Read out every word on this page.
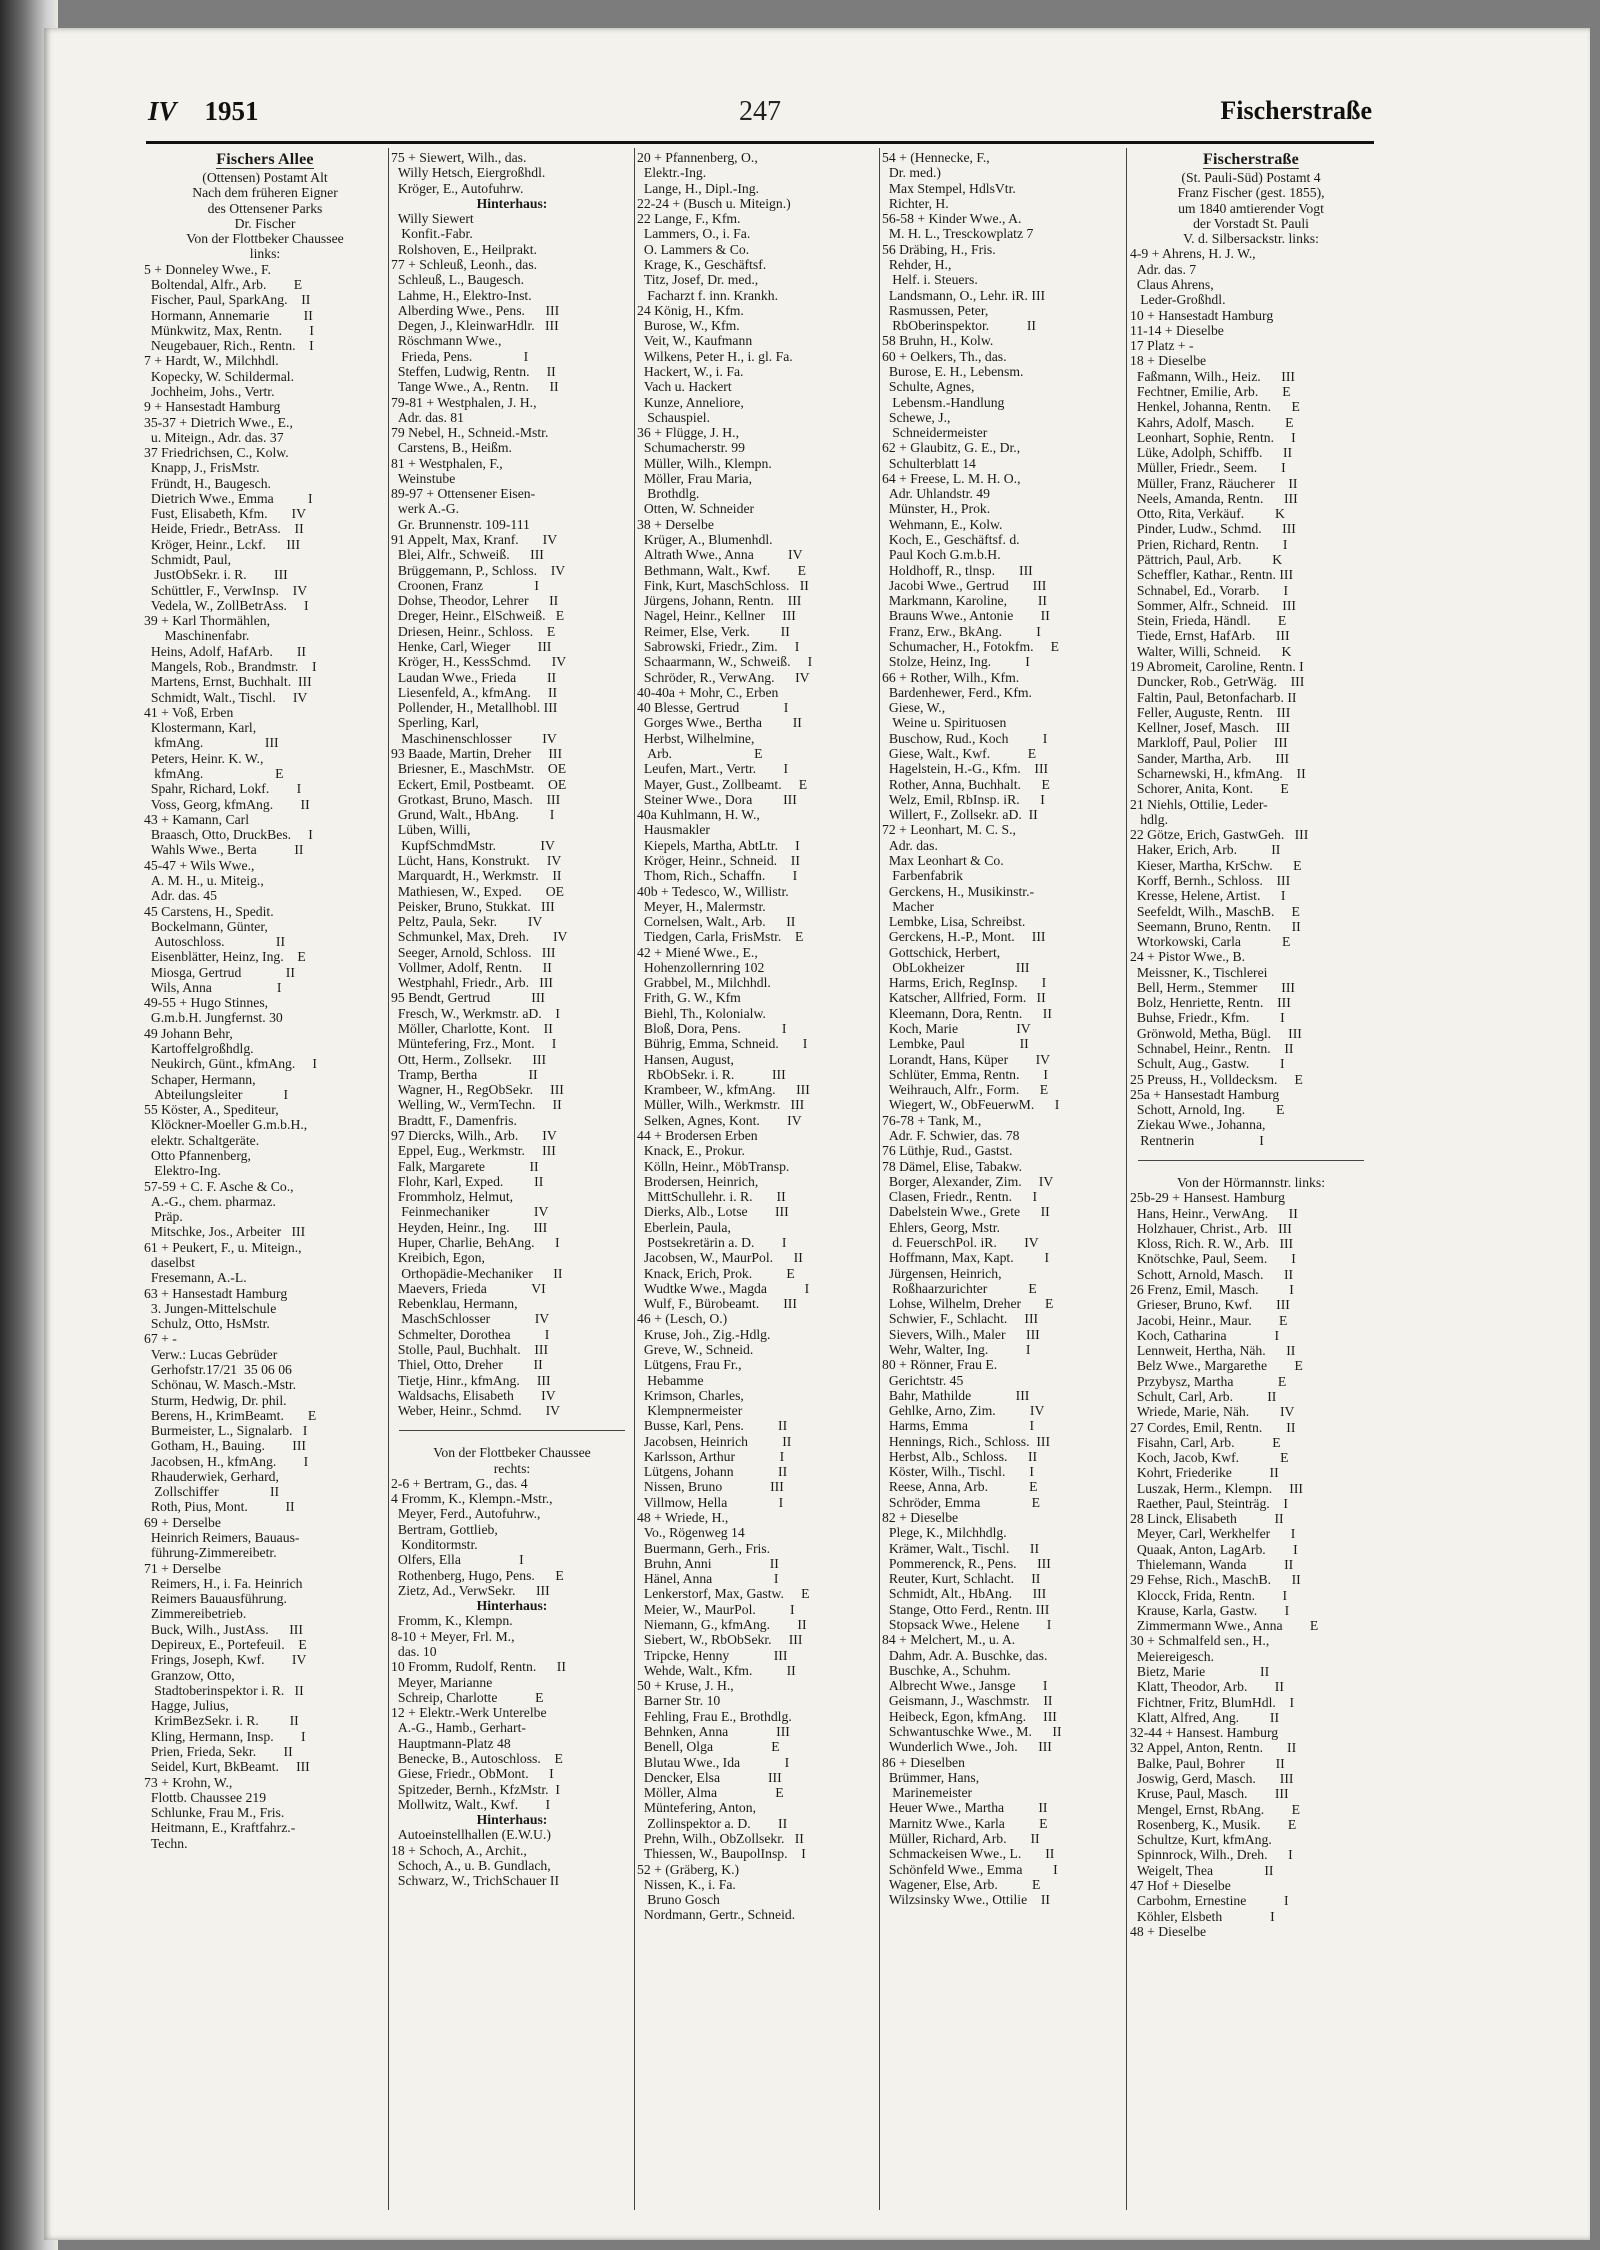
IV 1951	247	Fischerstraße
Fischers Allee
(Ottensen) Postamt Alt
Nach dem früheren Eigner
des Ottensener Parks
Dr. Fischer
Von der Flottbeker Chaussee
links:
5 + Donneley Wwe., F.
Boltendal, Alfr., Arb.        E
Fischer, Paul, SparkAng.    II
Hormann, Annemarie          II
Münkwitz, Max, Rentn.        I
Neugebauer, Rich., Rentn.    I
7 + Hardt, W., Milchhdl.
Kopecky, W. Schildermal.
Jochheim, Johs., Vertr.
9 + Hansestadt Hamburg
35-37 + Dietrich Wwe., E.,
u. Miteign., Adr. das. 37
37 Friedrichsen, C., Kolw.
Knapp, J., FrisMstr.
Fründt, H., Baugesch.
Dietrich Wwe., Emma          I
Fust, Elisabeth, Kfm.       IV
Heide, Friedr., BetrAss.    II
Kröger, Heinr., Lckf.      III
Schmidt, Paul,
JustObSekr. i. R.        III
Schüttler, F., VerwInsp.    IV
Vedela, W., ZollBetrAss.     I
39 + Karl Thormählen,
Maschinenfabr.
Heins, Adolf, HafArb.       II
Mangels, Rob., Brandmstr.    I
Martens, Ernst, Buchhalt.  III
Schmidt, Walt., Tischl.     IV
41 + Voß, Erben
Klostermann, Karl,
kfmAng.                  III
Peters, Heinr. K. W.,
kfmAng.                     E
Spahr, Richard, Lokf.        I
Voss, Georg, kfmAng.        II
43 + Kamann, Carl
Braasch, Otto, DruckBes.     I
Wahls Wwe., Berta           II
45-47 + Wils Wwe.,
A. M. H., u. Miteig.,
Adr. das. 45
45 Carstens, H., Spedit.
Bockelmann, Günter,
Autoschloss.               II
Eisenblätter, Heinz, Ing.    E
Miosga, Gertrud             II
Wils, Anna                   I
49-55 + Hugo Stinnes,
G.m.b.H. Jungfernst. 30
49 Johann Behr,
Kartoffelgroßhdlg.
Neukirch, Günt., kfmAng.     I
Schaper, Hermann,
Abteilungsleiter            I
55 Köster, A., Spediteur,
Klöckner-Moeller G.m.b.H.,
elektr. Schaltgeräte.
Otto Pfannenberg,
Elektro-Ing.
57-59 + C. F. Asche & Co.,
A.-G., chem. pharmaz.
Präp.
Mitschke, Jos., Arbeiter   III
61 + Peukert, F., u. Miteign.,
daselbst
Fresemann, A.-L.
63 + Hansestadt Hamburg
3. Jungen-Mittelschule
Schulz, Otto, HsMstr.
67 + -
Verw.: Lucas Gebrüder
Gerhofstr.17/21  35 06 06
Schönau, W. Masch.-Mstr.
Sturm, Hedwig, Dr. phil.
Berens, H., KrimBeamt.       E
Burmeister, L., Signalarb.   I
Gotham, H., Bauing.        III
Jacobsen, H., kfmAng.        I
Rhauderwiek, Gerhard,
Zollschiffer               II
Roth, Pius, Mont.           II
69 + Derselbe
Heinrich Reimers, Bauaus-
führung-Zimmereibetr.
71 + Derselbe
Reimers, H., i. Fa. Heinrich
Reimers Bauausführung.
Zimmereibetrieb.
Buck, Wilh., JustAss.      III
Depireux, E., Portefeuil.    E
Frings, Joseph, Kwf.        IV
Granzow, Otto,
Stadtoberinspektor i. R.   II
Hagge, Julius,
KrimBezSekr. i. R.         II
Kling, Hermann, Insp.        I
Prien, Frieda, Sekr.        II
Seidel, Kurt, BkBeamt.     III
73 + Krohn, W.,
Flottb. Chaussee 219
Schlunke, Frau M., Fris.
Heitmann, E., Kraftfahrz.-
Techn.
75 + Siewert, Wilh., das.
Willy Hetsch, Eiergroßhdl.
Kröger, E., Autofuhrw.
Hinterhaus:
Willy Siewert
Konfit.-Fabr.
Rolshoven, E., Heilprakt.
77 + Schleuß, Leonh., das.
Schleuß, L., Baugesch.
Lahme, H., Elektro-Inst.
Alberding Wwe., Pens.      III
Degen, J., KleinwarHdlr.   III
Röschmann Wwe.,
Frieda, Pens.               I
Steffen, Ludwig, Rentn.     II
Tange Wwe., A., Rentn.      II
79-81 + Westphalen, J. H.,
Adr. das. 81
79 Nebel, H., Schneid.-Mstr.
Carstens, B., Heißm.
81 + Westphalen, F.,
Weinstube
89-97 + Ottensener Eisen-
werk A.-G.
Gr. Brunnenstr. 109-111
91 Appelt, Max, Kranf.       IV
Blei, Alfr., Schweiß.      III
Brüggemann, P., Schloss.    IV
Croonen, Franz               I
Dohse, Theodor, Lehrer      II
Dreger, Heinr., ElSchweiß.   E
Driesen, Heinr., Schloss.    E
Henke, Carl, Wieger        III
Kröger, H., KessSchmd.      IV
Laudan Wwe., Frieda         II
Liesenfeld, A., kfmAng.     II
Pollender, H., Metallhobl. III
Sperling, Karl,
Maschinenschlosser         IV
93 Baade, Martin, Dreher     III
Briesner, E., MaschMstr.    OE
Eckert, Emil, Postbeamt.    OE
Grotkast, Bruno, Masch.    III
Grund, Walt., HbAng.         I
Lüben, Willi,
KupfSchmdMstr.             IV
Lücht, Hans, Konstrukt.     IV
Marquardt, H., Werkmstr.    II
Mathiesen, W., Exped.       OE
Peisker, Bruno, Stukkat.   III
Peltz, Paula, Sekr.         IV
Schmunkel, Max, Dreh.       IV
Seeger, Arnold, Schloss.   III
Vollmer, Adolf, Rentn.      II
Westphahl, Friedr., Arb.   III
95 Bendt, Gertrud            III
Fresch, W., Werkmstr. aD.    I
Möller, Charlotte, Kont.    II
Müntefering, Frz., Mont.     I
Ott, Herm., Zollsekr.      III
Tramp, Bertha               II
Wagner, H., RegObSekr.     III
Welling, W., VermTechn.     II
Bradtt, F., Damenfris.
97 Diercks, Wilh., Arb.       IV
Eppel, Eug., Werkmstr.     III
Falk, Margarete             II
Flohr, Karl, Exped.         II
Frommholz, Helmut,
Feinmechaniker             IV
Heyden, Heinr., Ing.       III
Huper, Charlie, BehAng.      I
Kreibich, Egon,
Orthopädie-Mechaniker      II
Maevers, Frieda             VI
Rebenklau, Hermann,
MaschSchlosser             IV
Schmelter, Dorothea          I
Stolle, Paul, Buchhalt.    III
Thiel, Otto, Dreher         II
Tietje, Hinr., kfmAng.     III
Waldsachs, Elisabeth        IV
Weber, Heinr., Schmd.       IV
Von der Flottbeker Chaussee
rechts:
2-6 + Bertram, G., das. 4
4 Fromm, K., Klempn.-Mstr.,
Meyer, Ferd., Autofuhrw.,
Bertram, Gottlieb,
Konditormstr.
Olfers, Ella                 I
Rothenberg, Hugo, Pens.      E
Zietz, Ad., VerwSekr.      III
Hinterhaus:
Fromm, K., Klempn.
8-10 + Meyer, Frl. M.,
das. 10
10 Fromm, Rudolf, Rentn.      II
Meyer, Marianne
Schreip, Charlotte           E
12 + Elektr.-Werk Unterelbe
A.-G., Hamb., Gerhart-
Hauptmann-Platz 48
Benecke, B., Autoschloss.    E
Giese, Friedr., ObMont.      I
Spitzeder, Bernh., KfzMstr.  I
Mollwitz, Walt., Kwf.        I
Hinterhaus:
Autoeinstellhallen (E.W.U.)
18 + Schoch, A., Archit.,
Schoch, A., u. B. Gundlach,
Schwarz, W., TrichSchauer II
20 + Pfannenberg, O.,
Elektr.-Ing.
Lange, H., Dipl.-Ing.
22-24 + (Busch u. Miteign.)
22 Lange, F., Kfm.
Lammers, O., i. Fa.
O. Lammers & Co.
Krage, K., Geschäftsf.
Titz, Josef, Dr. med.,
Facharzt f. inn. Krankh.
24 König, H., Kfm.
Burose, W., Kfm.
Veit, W., Kaufmann
Wilkens, Peter H., i. gl. Fa.
Hackert, W., i. Fa.
Vach u. Hackert
Kunze, Anneliore,
Schauspiel.
36 + Flügge, J. H.,
Schumacherstr. 99
Müller, Wilh., Klempn.
Möller, Frau Maria,
Brothdlg.
Otten, W. Schneider
38 + Derselbe
Krüger, A., Blumenhdl.
Altrath Wwe., Anna          IV
Bethmann, Walt., Kwf.        E
Fink, Kurt, MaschSchloss.   II
Jürgens, Johann, Rentn.    III
Nagel, Heinr., Kellner     III
Reimer, Else, Verk.         II
Sabrowski, Friedr., Zim.     I
Schaarmann, W., Schweiß.     I
Schröder, R., VerwAng.      IV
40-40a + Mohr, C., Erben
40 Blesse, Gertrud             I
Gorges Wwe., Bertha         II
Herbst, Wilhelmine,
Arb.                        E
Leufen, Mart., Vertr.        I
Mayer, Gust., Zollbeamt.     E
Steiner Wwe., Dora         III
40a Kuhlmann, H. W.,
Hausmakler
Kiepels, Martha, AbtLtr.     I
Kröger, Heinr., Schneid.    II
Thom, Rich., Schaffn.        I
40b + Tedesco, W., Willistr.
Meyer, H., Malermstr.
Cornelsen, Walt., Arb.      II
Tiedgen, Carla, FrisMstr.    E
42 + Miené Wwe., E.,
Hohenzollernring 102
Grabbel, M., Milchhdl.
Frith, G. W., Kfm
Biehl, Th., Kolonialw.
Bloß, Dora, Pens.            I
Bührig, Emma, Schneid.       I
Hansen, August,
RbObSekr. i. R.           III
Krambeer, W., kfmAng.      III
Müller, Wilh., Werkmstr.   III
Selken, Agnes, Kont.        IV
44 + Brodersen Erben
Knack, E., Prokur.
Kölln, Heinr., MöbTransp.
Brodersen, Heinrich,
MittSchullehr. i. R.       II
Dierks, Alb., Lotse        III
Eberlein, Paula,
Postsekretärin a. D.        I
Jacobsen, W., MaurPol.      II
Knack, Erich, Prok.          E
Wudtke Wwe., Magda           I
Wulf, F., Bürobeamt.       III
46 + (Lesch, O.)
Kruse, Joh., Zig.-Hdlg.
Greve, W., Schneid.
Lütgens, Frau Fr.,
Hebamme
Krimson, Charles,
Klempnermeister
Busse, Karl, Pens.          II
Jacobsen, Heinrich          II
Karlsson, Arthur             I
Lütgens, Johann             II
Nissen, Bruno              III
Villmow, Hella               I
48 + Wriede, H.,
Vo., Rögenweg 14
Buermann, Gerh., Fris.
Bruhn, Anni                 II
Hänel, Anna                  I
Lenkerstorf, Max, Gastw.     E
Meier, W., MaurPol.          I
Niemann, G., kfmAng.        II
Siebert, W., RbObSekr.     III
Tripcke, Henny             III
Wehde, Walt., Kfm.          II
50 + Kruse, J. H.,
Barner Str. 10
Fehling, Frau E., Brothdlg.
Behnken, Anna              III
Benell, Olga                 E
Blutau Wwe., Ida             I
Dencker, Elsa              III
Möller, Alma                 E
Müntefering, Anton,
Zollinspektor a. D.        II
Prehn, Wilh., ObZollsekr.   II
Thiessen, W., BaupolInsp.    I
52 + (Gräberg, K.)
Nissen, K., i. Fa.
Bruno Gosch
Nordmann, Gertr., Schneid.
54 + (Hennecke, F.,
Dr. med.)
Max Stempel, HdlsVtr.
Richter, H.
56-58 + Kinder Wwe., A.
M. H. L., Tresckowplatz 7
56 Dräbing, H., Fris.
Rehder, H.,
Helf. i. Steuers.
Landsmann, O., Lehr. iR. III
Rasmussen, Peter,
RbOberinspektor.           II
58 Bruhn, H., Kolw.
60 + Oelkers, Th., das.
Burose, E. H., Lebensm.
Schulte, Agnes,
Lebensm.-Handlung
Schewe, J.,
Schneidermeister
62 + Glaubitz, G. E., Dr.,
Schulterblatt 14
64 + Freese, L. M. H. O.,
Adr. Uhlandstr. 49
Münster, H., Prok.
Wehmann, E., Kolw.
Koch, E., Geschäftsf. d.
Paul Koch G.m.b.H.
Holdhoff, R., tlnsp.       III
Jacobi Wwe., Gertrud       III
Markmann, Karoline,         II
Brauns Wwe., Antonie        II
Franz, Erw., BkAng.          I
Schumacher, H., Fotokfm.     E
Stolze, Heinz, Ing.          I
66 + Rother, Wilh., Kfm.
Bardenhewer, Ferd., Kfm.
Giese, W.,
Weine u. Spirituosen
Buschow, Rud., Koch          I
Giese, Walt., Kwf.           E
Hagelstein, H.-G., Kfm.    III
Rother, Anna, Buchhalt.      E
Welz, Emil, RbInsp. iR.      I
Willert, F., Zollsekr. aD.  II
72 + Leonhart, M. C. S.,
Adr. das.
Max Leonhart & Co.
Farbenfabrik
Gerckens, H., Musikinstr.-
Macher
Lembke, Lisa, Schreibst.
Gerckens, H.-P., Mont.     III
Gottschick, Herbert,
ObLokheizer               III
Harms, Erich, RegInsp.       I
Katscher, Allfried, Form.   II
Kleemann, Dora, Rentn.      II
Koch, Marie                 IV
Lembke, Paul                II
Lorandt, Hans, Küper        IV
Schlüter, Emma, Rentn.       I
Weihrauch, Alfr., Form.      E
Wiegert, W., ObFeuerwM.      I
76-78 + Tank, M.,
Adr. F. Schwier, das. 78
76 Lüthje, Rud., Gastst.
78 Dämel, Elise, Tabakw.
Borger, Alexander, Zim.     IV
Clasen, Friedr., Rentn.      I
Dabelstein Wwe., Grete      II
Ehlers, Georg, Mstr.
d. FeuerschPol. iR.        IV
Hoffmann, Max, Kapt.         I
Jürgensen, Heinrich,
Roßhaarzurichter            E
Lohse, Wilhelm, Dreher       E
Schwier, F., Schlacht.     III
Sievers, Wilh., Maler      III
Wehr, Walter, Ing.           I
80 + Rönner, Frau E.
Gerichtstr. 45
Bahr, Mathilde             III
Gehlke, Arno, Zim.          IV
Harms, Emma                  I
Hennings, Rich., Schloss.  III
Herbst, Alb., Schloss.      II
Köster, Wilh., Tischl.       I
Reese, Anna, Arb.            E
Schröder, Emma               E
82 + Dieselbe
Plege, K., Milchhdlg.
Krämer, Walt., Tischl.      II
Pommerenck, R., Pens.      III
Reuter, Kurt, Schlacht.     II
Schmidt, Alt., HbAng.      III
Stange, Otto Ferd., Rentn. III
Stopsack Wwe., Helene        I
84 + Melchert, M., u. A.
Dahm, Adr. A. Buschke, das.
Buschke, A., Schuhm.
Albrecht Wwe., Jansge        I
Geismann, J., Waschmstr.    II
Heibeck, Egon, kfmAng.     III
Schwantuschke Wwe., M.      II
Wunderlich Wwe., Joh.      III
86 + Dieselben
Brümmer, Hans,
Marinemeister
Heuer Wwe., Martha          II
Marnitz Wwe., Karla          E
Müller, Richard, Arb.       II
Schmackeisen Wwe., L.       II
Schönfeld Wwe., Emma         I
Wagener, Else, Arb.          E
Wilzsinsky Wwe., Ottilie    II
Fischerstraße
(St. Pauli-Süd) Postamt 4
Franz Fischer (gest. 1855),
um 1840 amtierender Vogt
der Vorstadt St. Pauli
V. d. Silbersackstr. links:
4-9 + Ahrens, H. J. W.,
Adr. das. 7
Claus Ahrens,
Leder-Großhdl.
10 + Hansestadt Hamburg
11-14 + Dieselbe
17 Platz + -
18 + Dieselbe
Faßmann, Wilh., Heiz.      III
Fechtner, Emilie, Arb.       E
Henkel, Johanna, Rentn.      E
Kahrs, Adolf, Masch.         E
Leonhart, Sophie, Rentn.     I
Lüke, Adolph, Schiffb.      II
Müller, Friedr., Seem.       I
Müller, Franz, Räucherer    II
Neels, Amanda, Rentn.      III
Otto, Rita, Verkäuf.         K
Pinder, Ludw., Schmd.      III
Prien, Richard, Rentn.       I
Pättrich, Paul, Arb.         K
Scheffler, Kathar., Rentn. III
Schnabel, Ed., Vorarb.       I
Sommer, Alfr., Schneid.    III
Stein, Frieda, Händl.        E
Tiede, Ernst, HafArb.      III
Walter, Willi, Schneid.      K
19 Abromeit, Caroline, Rentn. I
Duncker, Rob., GetrWäg.    III
Faltin, Paul, Betonfacharb. II
Feller, Auguste, Rentn.    III
Kellner, Josef, Masch.     III
Markloff, Paul, Polier     III
Sander, Martha, Arb.       III
Scharnewski, H., kfmAng.    II
Schorer, Anita, Kont.        E
21 Niehls, Ottilie, Leder-
hdlg.
22 Götze, Erich, GastwGeh.   III
Haker, Erich, Arb.          II
Kieser, Martha, KrSchw.      E
Korff, Bernh., Schloss.    III
Kresse, Helene, Artist.      I
Seefeldt, Wilh., MaschB.     E
Seemann, Bruno, Rentn.      II
Wtorkowski, Carla            E
24 + Pistor Wwe., B.
Meissner, K., Tischlerei
Bell, Herm., Stemmer       III
Bolz, Henriette, Rentn.    III
Buhse, Friedr., Kfm.         I
Grönwold, Metha, Bügl.     III
Schnabel, Heinr., Rentn.    II
Schult, Aug., Gastw.         I
25 Preuss, H., Volldecksm.     E
25a + Hansestadt Hamburg
Schott, Arnold, Ing.         E
Ziekau Wwe., Johanna,
Rentnerin                   I
Von der Hörmannstr. links:
25b-29 + Hansest. Hamburg
Hans, Heinr., VerwAng.      II
Holzhauer, Christ., Arb.   III
Kloss, Rich. R. W., Arb.   III
Knötschke, Paul, Seem.       I
Schott, Arnold, Masch.      II
26 Frenz, Emil, Masch.         I
Grieser, Bruno, Kwf.       III
Jacobi, Heinr., Maur.        E
Koch, Catharina              I
Lennweit, Hertha, Näh.      II
Belz Wwe., Margarethe        E
Przybysz, Martha             E
Schult, Carl, Arb.          II
Wriede, Marie, Näh.         IV
27 Cordes, Emil, Rentn.       II
Fisahn, Carl, Arb.           E
Koch, Jacob, Kwf.            E
Kohrt, Friederike           II
Luszak, Herm., Klempn.     III
Raether, Paul, Steinträg.    I
28 Linck, Elisabeth           II
Meyer, Carl, Werkhelfer      I
Quaak, Anton, LagArb.        I
Thielemann, Wanda           II
29 Fehse, Rich., MaschB.      II
Klocck, Frida, Rentn.        I
Krause, Karla, Gastw.        I
Zimmermann Wwe., Anna        E
30 + Schmalfeld sen., H.,
Meiereigesch.
Bietz, Marie                II
Klatt, Theodor, Arb.        II
Fichtner, Fritz, BlumHdl.    I
Klatt, Alfred, Ang.         II
32-44 + Hansest. Hamburg
32 Appel, Anton, Rentn.       II
Balke, Paul, Bohrer         II
Joswig, Gerd, Masch.       III
Kruse, Paul, Masch.        III
Mengel, Ernst, RbAng.        E
Rosenberg, K., Musik.        E
Schultze, Kurt, kfmAng.
Spinnrock, Wilh., Dreh.      I
Weigelt, Thea               II
47 Hof + Dieselbe
Carbohm, Ernestine           I
Köhler, Elsbeth              I
48 + Dieselbe
